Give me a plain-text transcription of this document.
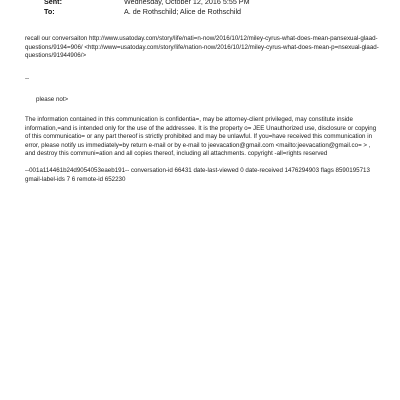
Sent:	Wednesday, October 12, 2016 5:55 PM
To:	A. de Rothschild; Alice de Rothschild

recall our conversaiton http://www.usatoday.com/story/life/nati=n-now/2016/10/12/miley-cyrus-what-does-mean-pansexual-glaad-questions/9194=906/ <http://www=usatoday.com/story/life/nation-now/2016/10/12/miley-cyrus-what-does-mean-p=nsexual-glaad-questions/91944906/>

--

please not>

The information contained in this communication is confidentia=, may be attorney-client privileged, may constitute inside information,=and is intended only for the use of the addressee. It is the property o= JEE Unauthorized use, disclosure or copying of this communicatio= or any part thereof is strictly prohibited and may be unlawful. If you=have received this communication in error, please notify us immediately=by return e-mail or by e-mail to jeevacation@gmail.com <mailto:jeevacation@gmail.co= > , and destroy this communi=ation and all copies thereof, including all attachments. copyright -all=rights reserved

--001a114461b24d9054053eaeb191-- conversation-id 66431 date-last-viewed 0 date-received 1476294903 flags 8590195713 gmail-label-ids 7 6 remote-id 652230
